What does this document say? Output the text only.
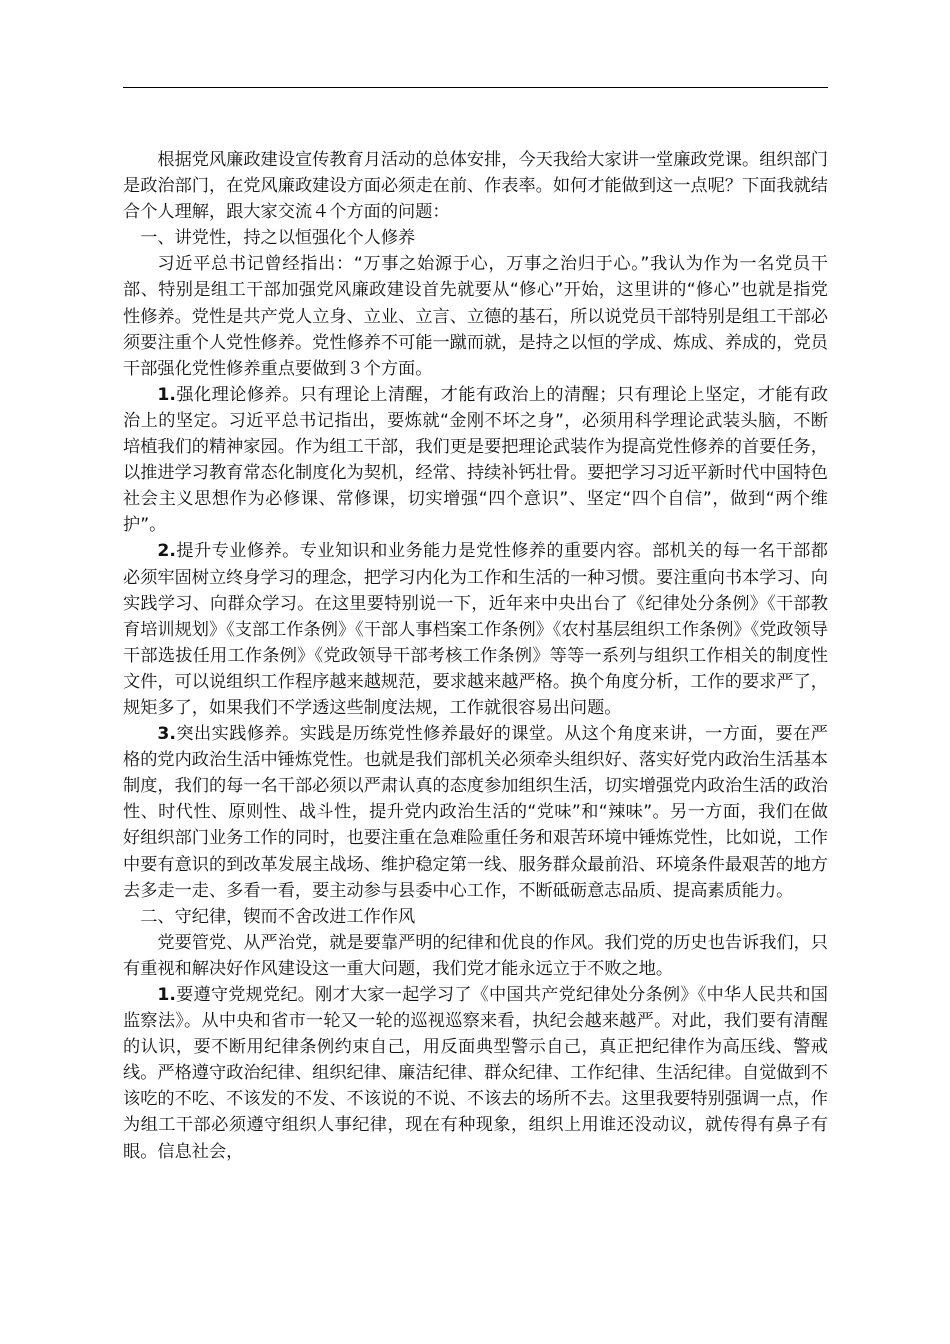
根据党风廉政建设宣传教育月活动的总体安排，今天我给大家讲一堂廉政党课。组织部门是政治部门，在党风廉政建设方面必须走在前、作表率。如何才能做到这一点呢？下面我就结合个人理解，跟大家交流４个方面的问题：

一、讲党性，持之以恒强化个人修养

习近平总书记曾经指出：“万事之始源于心，万事之治归于心。”我认为作为一名党员干部、特别是组工干部加强党风廉政建设首先就要从“修心”开始，这里讲的“修心”也就是指党性修养。党性是共产党人立身、立业、立言、立德的基石，所以说党员干部特别是组工干部必须要注重个人党性修养。党性修养不可能一蹴而就，是持之以恒的学成、炼成、养成的，党员干部强化党性修养重点要做到３个方面。

1.强化理论修养。只有理论上清醒，才能有政治上的清醒；只有理论上坚定，才能有政治上的坚定。习近平总书记指出，要炼就“金刚不坏之身”，必须用科学理论武装头脑，不断培植我们的精神家园。作为组工干部，我们更是要把理论武装作为提高党性修养的首要任务，以推进学习教育常态化制度化为契机，经常、持续补钙壮骨。要把学习习近平新时代中国特色社会主义思想作为必修课、常修课，切实增强“四个意识”、坚定“四个自信”，做到“两个维护”。

2.提升专业修养。专业知识和业务能力是党性修养的重要内容。部机关的每一名干部都必须牢固树立终身学习的理念，把学习内化为工作和生活的一种习惯。要注重向书本学习、向实践学习、向群众学习。在这里要特别说一下，近年来中央出台了《纪律处分条例》《干部教育培训规划》《支部工作条例》《干部人事档案工作条例》《农村基层组织工作条例》《党政领导干部选拔任用工作条例》《党政领导干部考核工作条例》等等一系列与组织工作相关的制度性文件，可以说组织工作程序越来越规范，要求越来越严格。换个角度分析，工作的要求严了，规矩多了，如果我们不学透这些制度法规，工作就很容易出问题。

3.突出实践修养。实践是历练党性修养最好的课堂。从这个角度来讲，一方面，要在严格的党内政治生活中锤炼党性。也就是我们部机关必须牵头组织好、落实好党内政治生活基本制度，我们的每一名干部必须以严肃认真的态度参加组织生活，切实增强党内政治生活的政治性、时代性、原则性、战斗性，提升党内政治生活的“党味”和“辣味”。另一方面，我们在做好组织部门业务工作的同时，也要注重在急难险重任务和艰苦环境中锤炼党性，比如说，工作中要有意识的到改革发展主战场、维护稳定第一线、服务群众最前沿、环境条件最艰苦的地方去多走一走、多看一看，要主动参与县委中心工作，不断砥砺意志品质、提高素质能力。

二、守纪律，锲而不舍改进工作作风

党要管党、从严治党，就是要靠严明的纪律和优良的作风。我们党的历史也告诉我们，只有重视和解决好作风建设这一重大问题，我们党才能永远立于不败之地。

1.要遵守党规党纪。刚才大家一起学习了《中国共产党纪律处分条例》《中华人民共和国监察法》。从中央和省市一轮又一轮的巡视巡察来看，执纪会越来越严。对此，我们要有清醒的认识，要不断用纪律条例约束自己，用反面典型警示自己，真正把纪律作为高压线、警戒线。严格遵守政治纪律、组织纪律、廉洁纪律、群众纪律、工作纪律、生活纪律。自觉做到不该吃的不吃、不该发的不发、不该说的不说、不该去的场所不去。这里我要特别强调一点，作为组工干部必须遵守组织人事纪律，现在有种现象，组织上用谁还没动议，就传得有鼻子有眼。信息社会，
